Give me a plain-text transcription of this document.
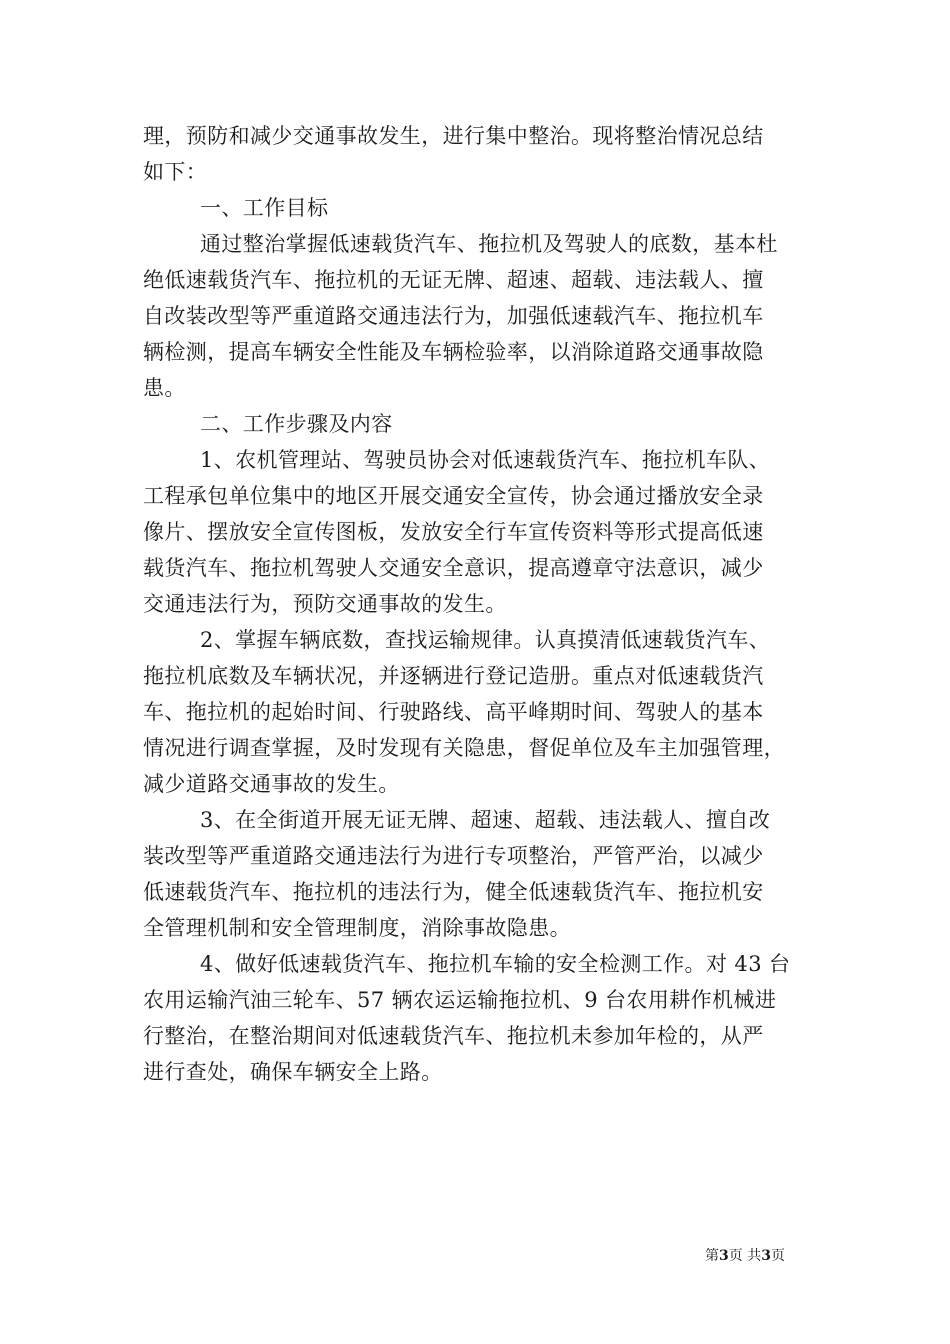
理，预防和减少交通事故发生，进行集中整治。现将整治情况总结
如下：
一、工作目标
通过整治掌握低速载货汽车、拖拉机及驾驶人的底数，基本杜
绝低速载货汽车、拖拉机的无证无牌、超速、超载、违法载人、擅
自改装改型等严重道路交通违法行为，加强低速载汽车、拖拉机车
辆检测，提高车辆安全性能及车辆检验率，以消除道路交通事故隐
患。
二、工作步骤及内容
1、农机管理站、驾驶员协会对低速载货汽车、拖拉机车队、
工程承包单位集中的地区开展交通安全宣传，协会通过播放安全录
像片、摆放安全宣传图板，发放安全行车宣传资料等形式提高低速
载货汽车、拖拉机驾驶人交通安全意识，提高遵章守法意识，减少
交通违法行为，预防交通事故的发生。
2、掌握车辆底数，查找运输规律。认真摸清低速载货汽车、
拖拉机底数及车辆状况，并逐辆进行登记造册。重点对低速载货汽
车、拖拉机的起始时间、行驶路线、高平峰期时间、驾驶人的基本
情况进行调查掌握，及时发现有关隐患，督促单位及车主加强管理，
减少道路交通事故的发生。
3、在全街道开展无证无牌、超速、超载、违法载人、擅自改
装改型等严重道路交通违法行为进行专项整治，严管严治，以减少
低速载货汽车、拖拉机的违法行为，健全低速载货汽车、拖拉机安
全管理机制和安全管理制度，消除事故隐患。
4、做好低速载货汽车、拖拉机车输的安全检测工作。对 43 台
农用运输汽油三轮车、57 辆农运运输拖拉机、9 台农用耕作机械进
行整治，在整治期间对低速载货汽车、拖拉机未参加年检的，从严
进行查处，确保车辆安全上路。
第3页 共3页
